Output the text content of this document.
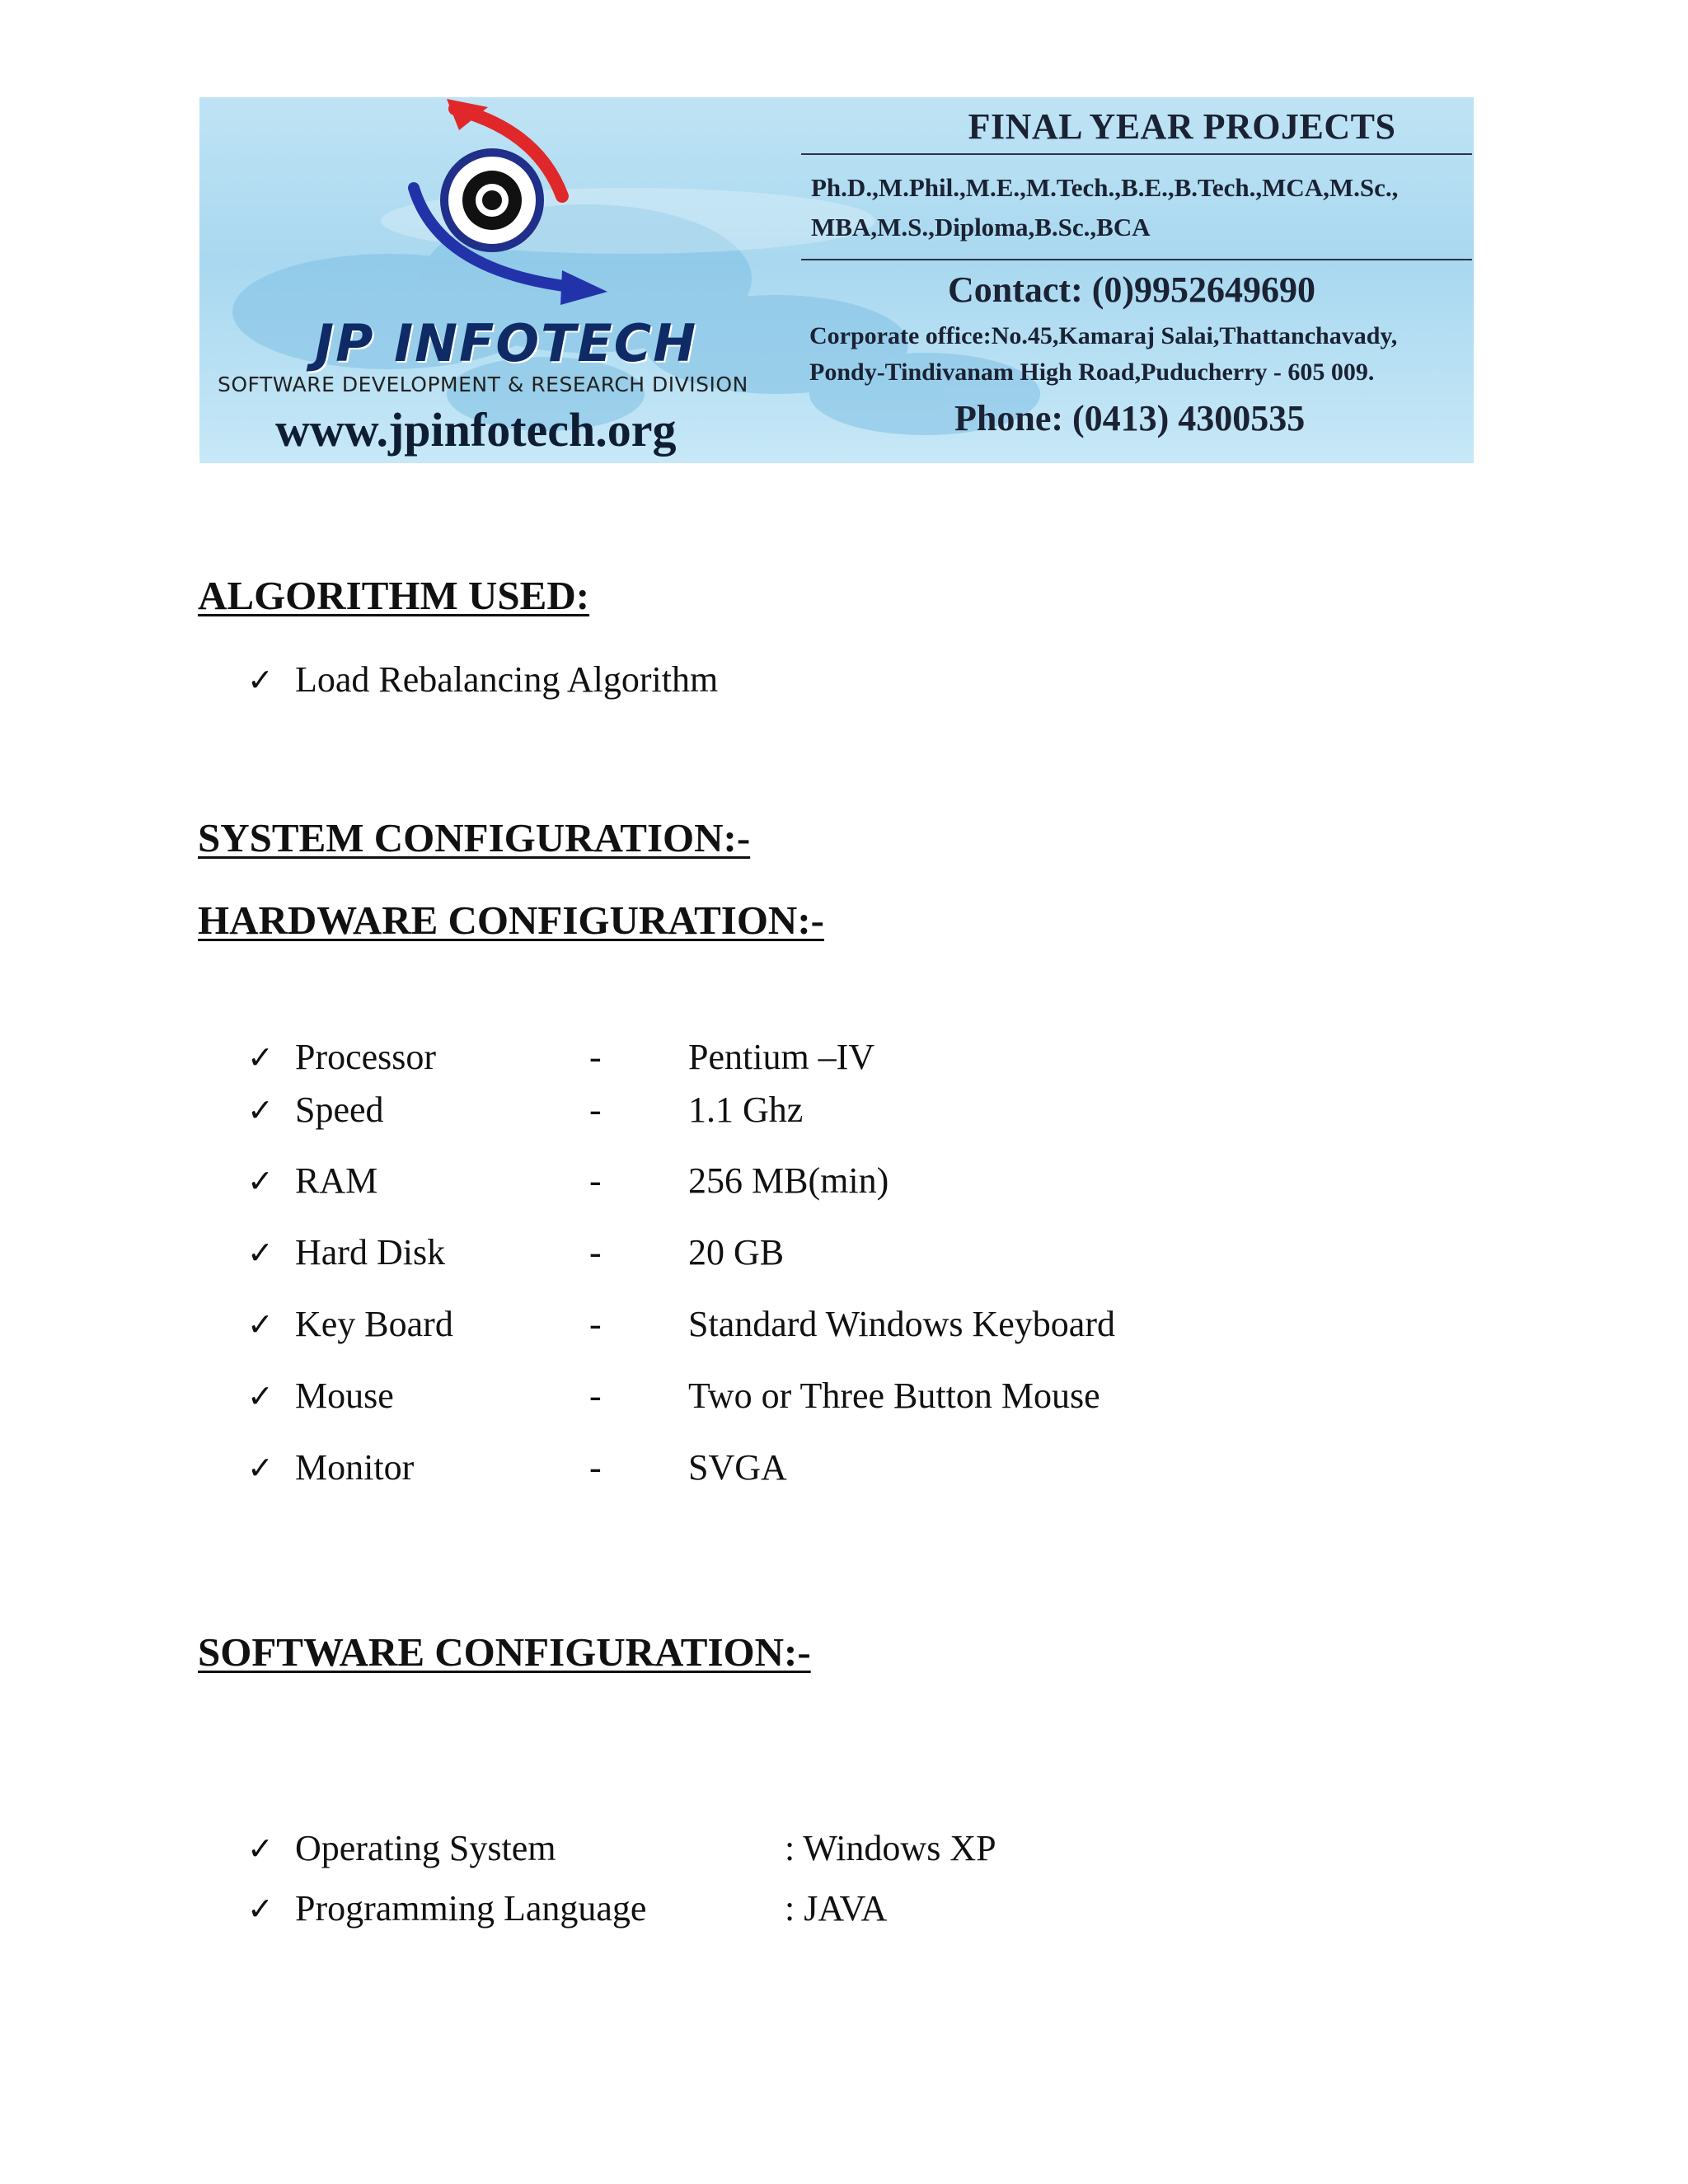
JP INFOTECH
SOFTWARE DEVELOPMENT & RESEARCH DIVISION
www.jpinfotech.org
FINAL YEAR PROJECTS
Ph.D.,M.Phil.,M.E.,M.Tech.,B.E.,B.Tech.,MCA,M.Sc.,
MBA,M.S.,Diploma,B.Sc.,BCA
Contact: (0)9952649690
Corporate office:No.45,Kamaraj Salai,Thattanchavady,
Pondy-Tindivanam High Road,Puducherry - 605 009.
Phone: (0413) 4300535
ALGORITHM USED:
✓ Load Rebalancing Algorithm
SYSTEM CONFIGURATION:-
HARDWARE CONFIGURATION:-
✓ Processor	- Pentium –IV
✓ Speed	- 1.1 Ghz
✓ RAM	- 256 MB(min)
✓ Hard Disk	- 20 GB
✓ Key Board	- Standard Windows Keyboard
✓ Mouse	- Two or Three Button Mouse
✓ Monitor	- SVGA
SOFTWARE CONFIGURATION:-
✓ Operating System	: Windows XP
✓ Programming Language	: JAVA
